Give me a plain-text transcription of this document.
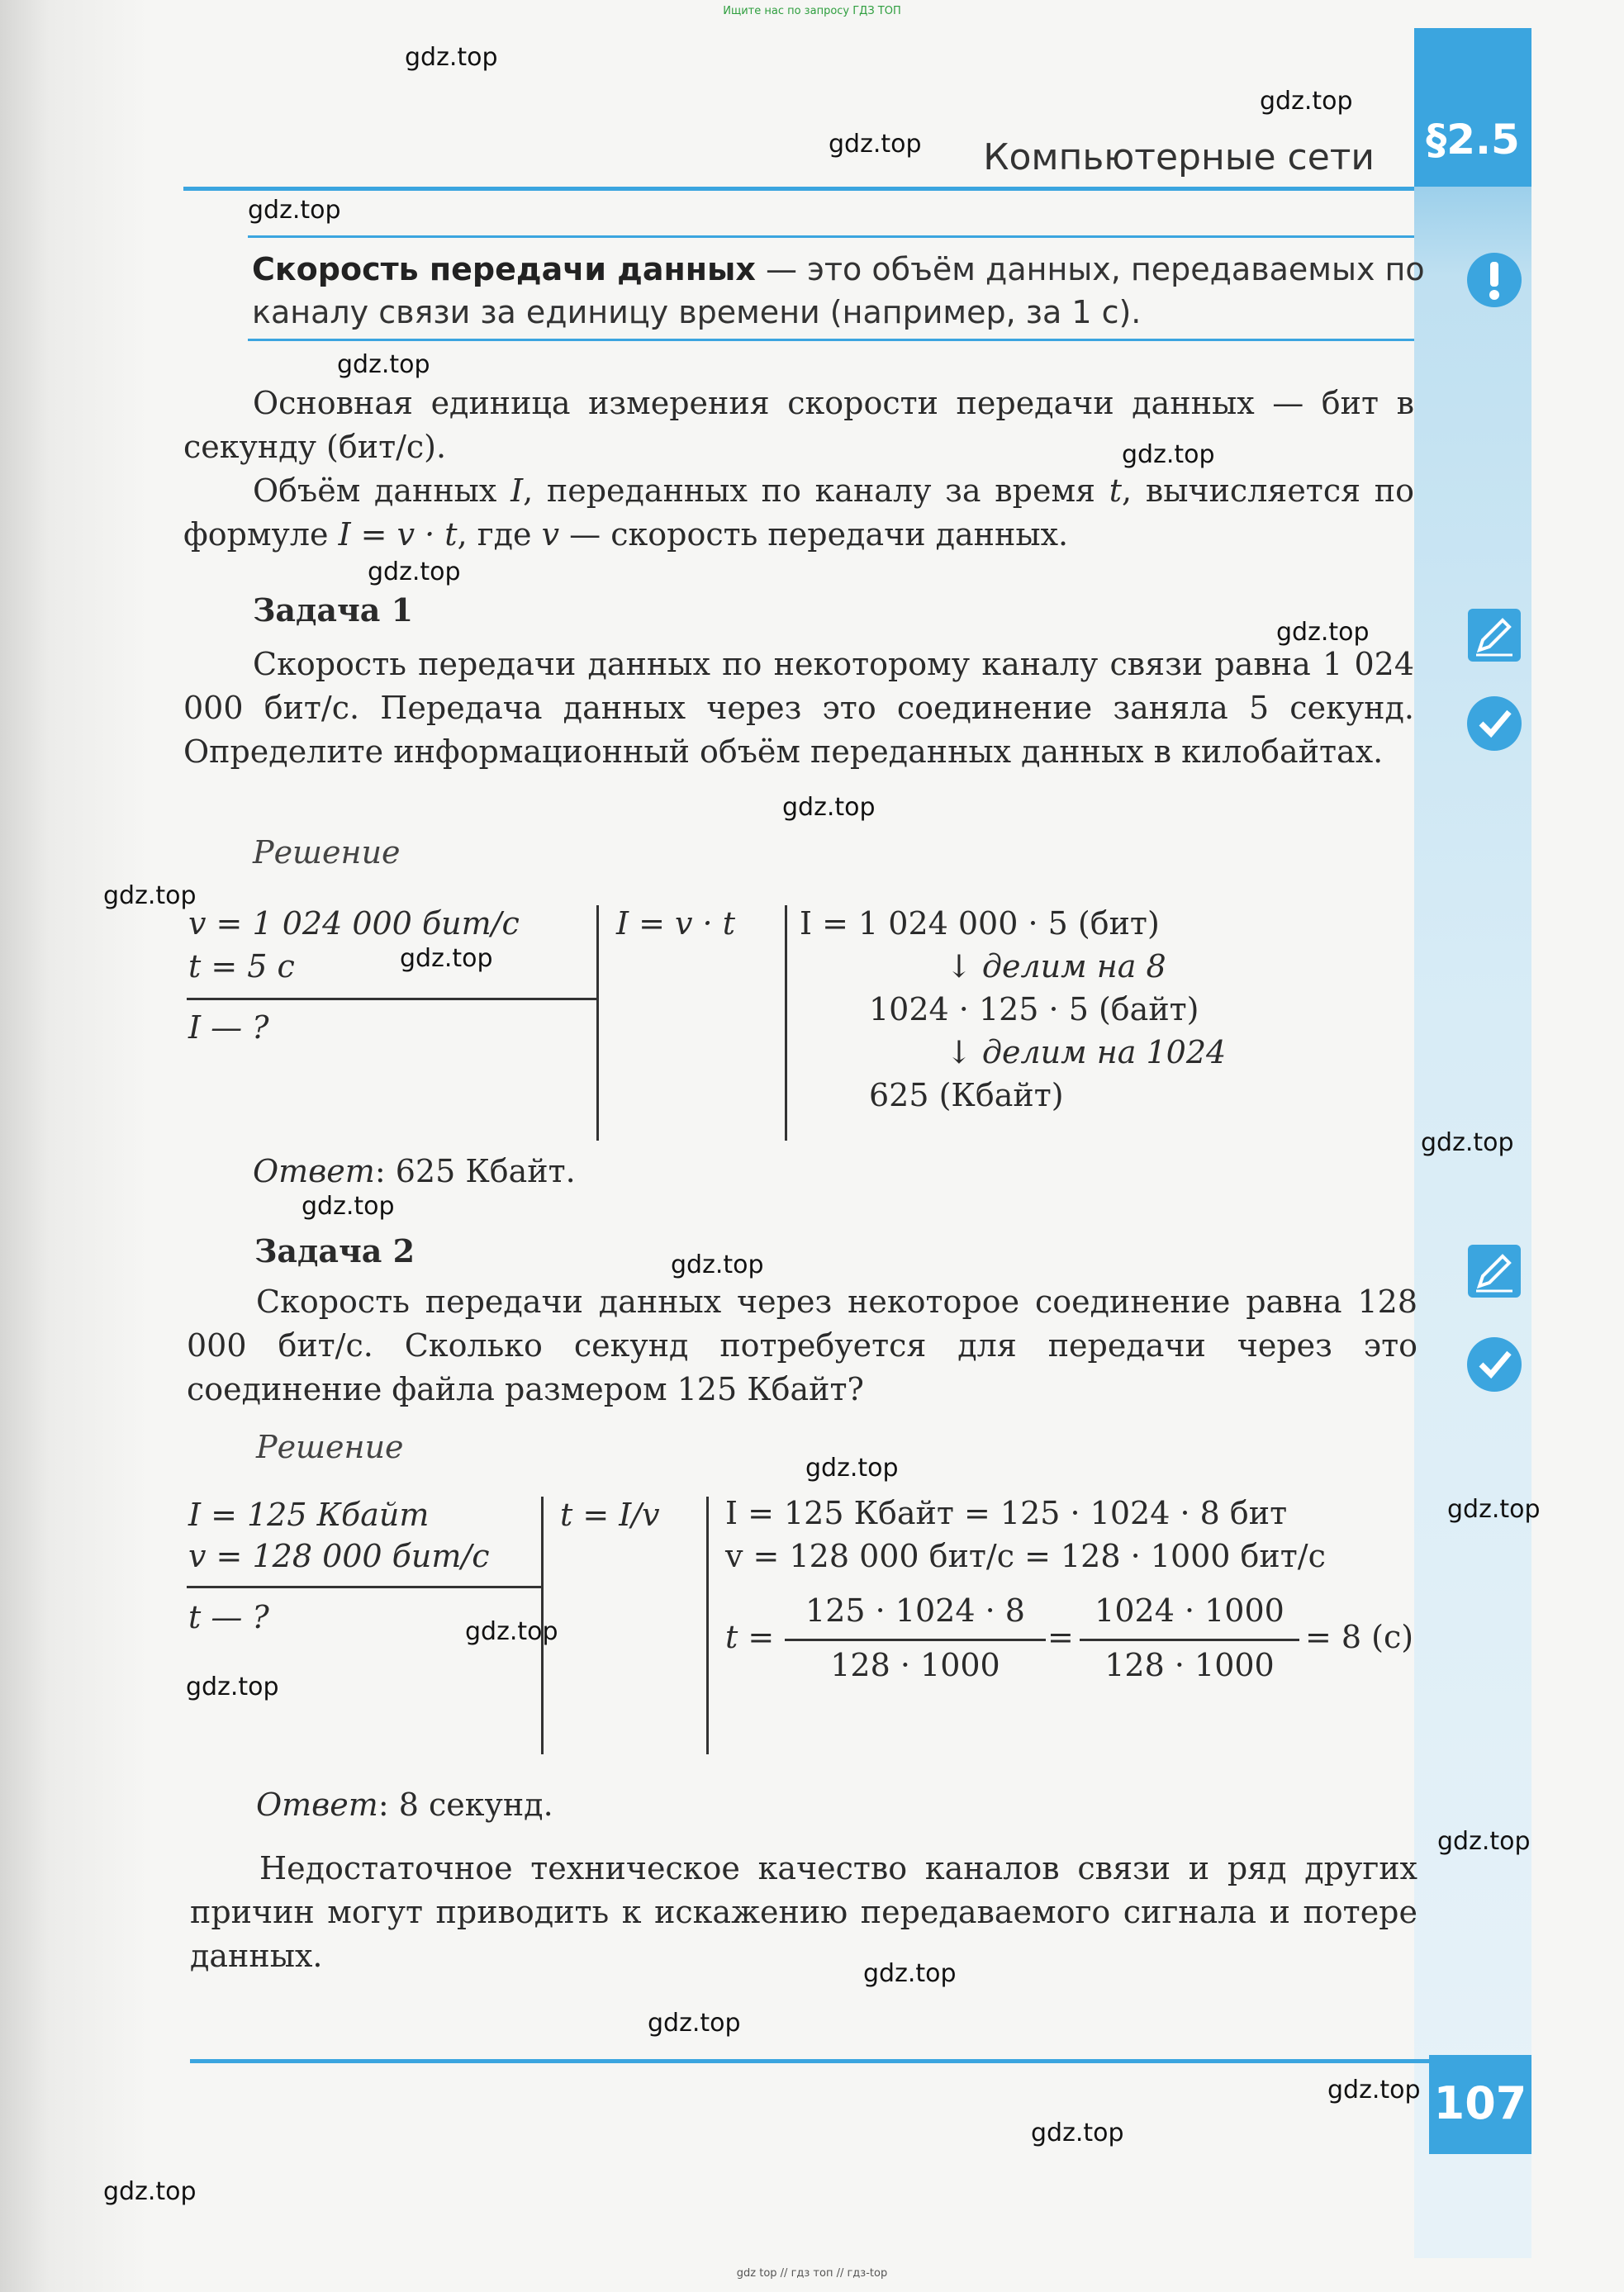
Ищите нас по запросу ГДЗ ТОП
§2.5
Компьютерные сети
Скорость передачи данных — это объём данных, передаваемых по каналу связи за единицу времени (например, за 1 с).
Основная единица измерения скорости передачи данных — бит в секунду (бит/с).
Объём данных I, переданных по каналу за время t, вычисляется по формуле I = v · t, где v — скорость передачи данных.
Задача 1
Скорость передачи данных по некоторому каналу связи равна 1 024 000 бит/с. Передача данных через это соединение заняла 5 секунд. Определите информационный объём переданных данных в килобайтах.
Решение
v = 1 024 000 бит/с
t = 5 с
I — ?
I = v · t I = 1 024 000 · 5 (бит)
↓ делим на 8
1024 · 125 · 5 (байт)
↓ делим на 1024
625 (Кбайт)
Ответ: 625 Кбайт.
Задача 2
Скорость передачи данных через некоторое соединение равна 128 000 бит/с. Сколько секунд потребуется для передачи через это соединение файла размером 125 Кбайт?
Решение
I = 125 Кбайт
v = 128 000 бит/с
t — ?
t = I/v I = 125 Кбайт = 125 · 1024 · 8 бит
v = 128 000 бит/с = 128 · 1000 бит/с
t =
125 · 1024 · 8
128 · 1000
=
1024 · 1000
128 · 1000
= 8 (с)
Ответ: 8 секунд.
Недостаточное техническое качество каналов связи и ряд других причин могут приводить к искажению передаваемого сигнала и потере данных.
107
gdz.top
gdz.top
gdz.top
gdz.top
gdz.top
gdz.top
gdz.top
gdz.top
gdz.top
gdz.top
gdz.top
gdz.top
gdz.top
gdz.top
gdz.top
gdz.top
gdz.top
gdz.top
gdz.top
gdz.top
gdz.top
gdz.top
gdz.top
gdz.top
gdz top // гдз топ // гдз-top
